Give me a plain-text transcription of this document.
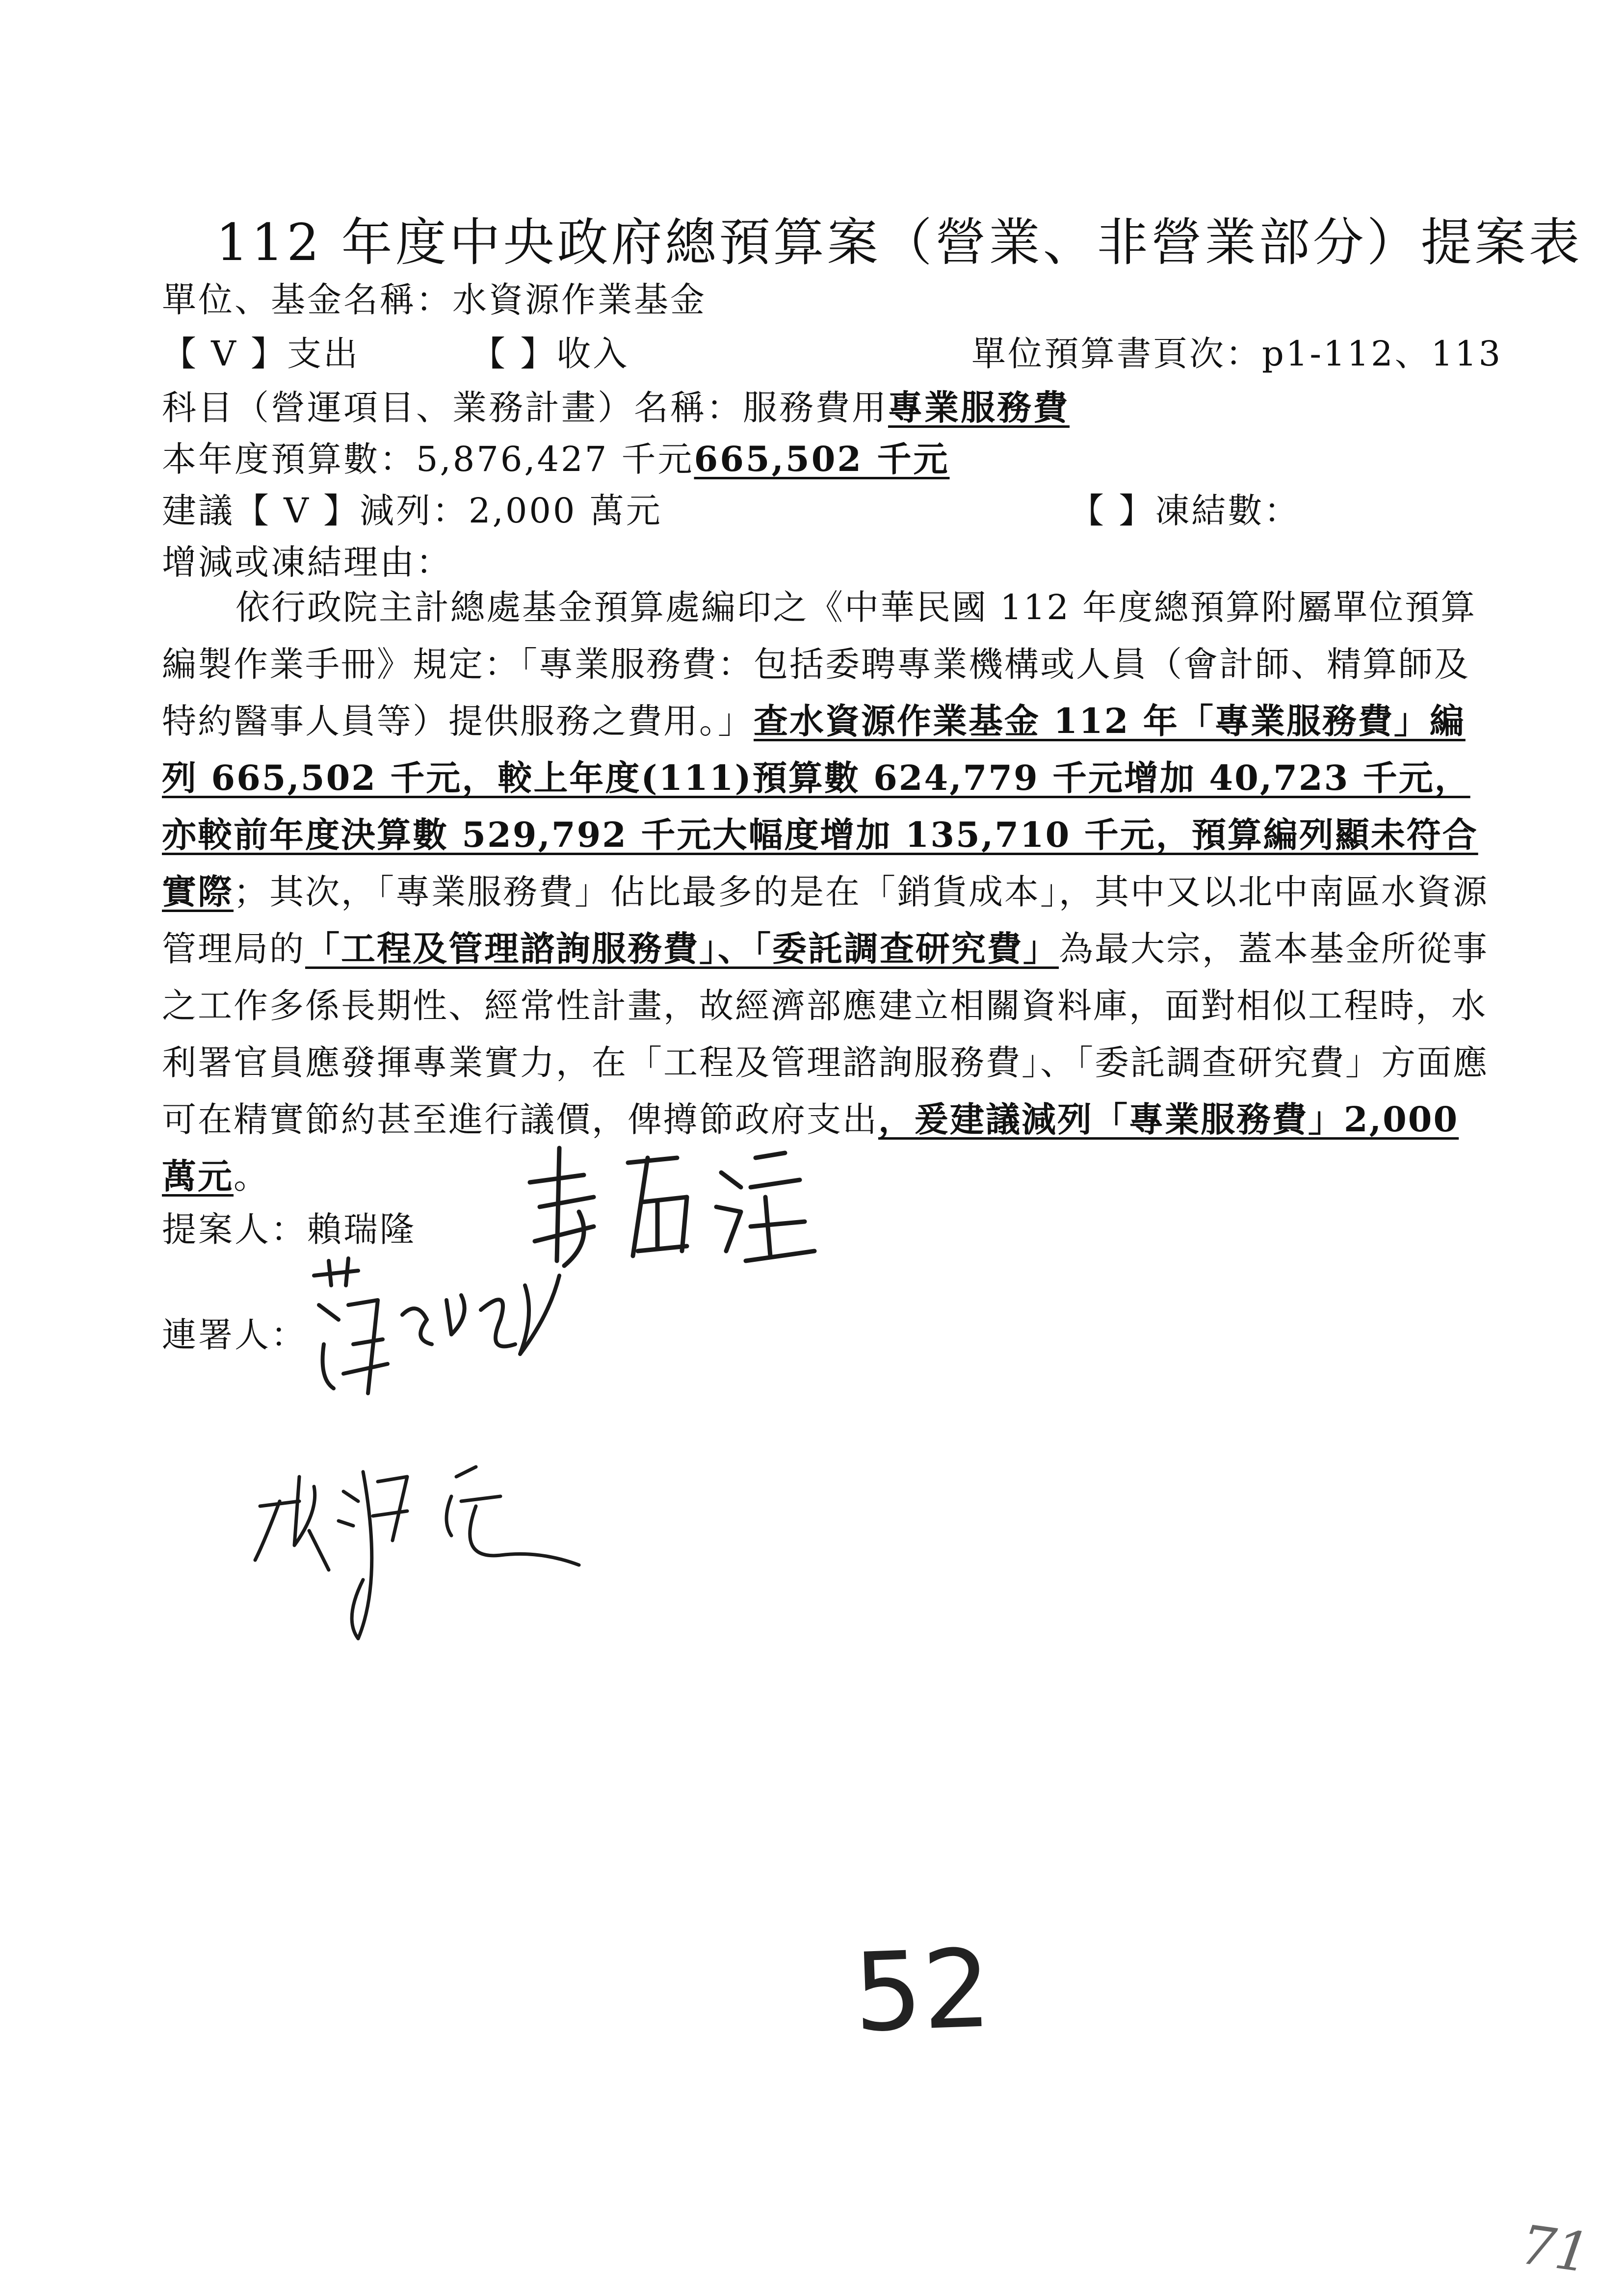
112 年度中央政府總預算案（營業、非營業部分）提案表
單位、基金名稱：水資源作業基金
【 V 】支出	【 】收入	單位預算書頁次：p1-112、113
科目（營運項目、業務計畫）名稱：服務費用專業服務費
本年度預算數：5,876,427 千元665,502 千元
建議【 V 】減列：2,000 萬元	【 】凍結數：
增減或凍結理由：
依行政院主計總處基金預算處編印之《中華民國 112 年度總預算附屬單位預算編製作業手冊》規定：「專業服務費：包括委聘專業機構或人員（會計師、精算師及特約醫事人員等）提供服務之費用。」查水資源作業基金 112 年「專業服務費」編列 665,502 千元，較上年度(111)預算數 624,779 千元增加 40,723 千元，亦較前年度決算數 529,792 千元大幅度增加 135,710 千元，預算編列顯未符合實際；其次，「專業服務費」佔比最多的是在「銷貨成本」，其中又以北中南區水資源管理局的「工程及管理諮詢服務費」、「委託調查研究費」為最大宗，蓋本基金所從事之工作多係長期性、經常性計畫，故經濟部應建立相關資料庫，面對相似工程時，水利署官員應發揮專業實力，在「工程及管理諮詢服務費」、「委託調查研究費」方面應可在精實節約甚至進行議價，俾撙節政府支出，爰建議減列「專業服務費」2,000 萬元。
提案人：賴瑞隆
連署人：
52
71
